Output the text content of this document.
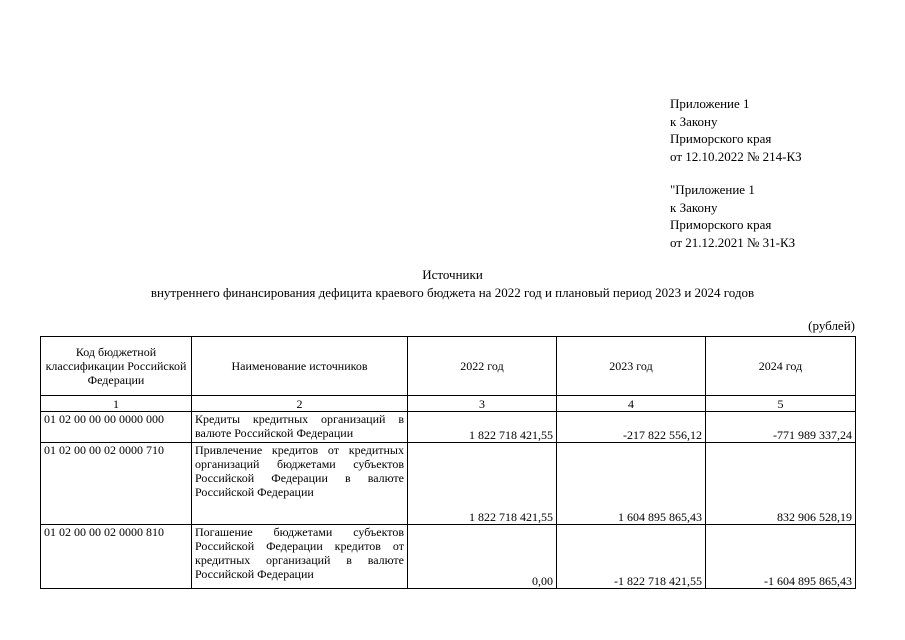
Приложение 1
к Закону
Приморского края
от 12.10.2022 № 214-КЗ
"Приложение 1
к Закону
Приморского края
от 21.12.2021 № 31-КЗ
Источники
внутреннего финансирования дефицита краевого бюджета на 2022 год и плановый период 2023 и 2024 годов
(рублей)
Код бюджетной классификации Российской Федерации	Наименование источников	2022 год	2023 год	2024 год
1	2	3	4	5
01 02 00 00 00 0000 000	Кредиты кредитных организаций в валюте Российской Федерации	1 822 718 421,55	-217 822 556,12	-771 989 337,24
01 02 00 00 02 0000 710	Привлечение кредитов от кредитных организаций бюджетами субъектов Российской Федерации в валюте Российской Федерации	1 822 718 421,55	1 604 895 865,43	832 906 528,19
01 02 00 00 02 0000 810	Погашение бюджетами субъектов Российской Федерации кредитов от кредитных организаций в валюте Российской Федерации	0,00	-1 822 718 421,55	-1 604 895 865,43
